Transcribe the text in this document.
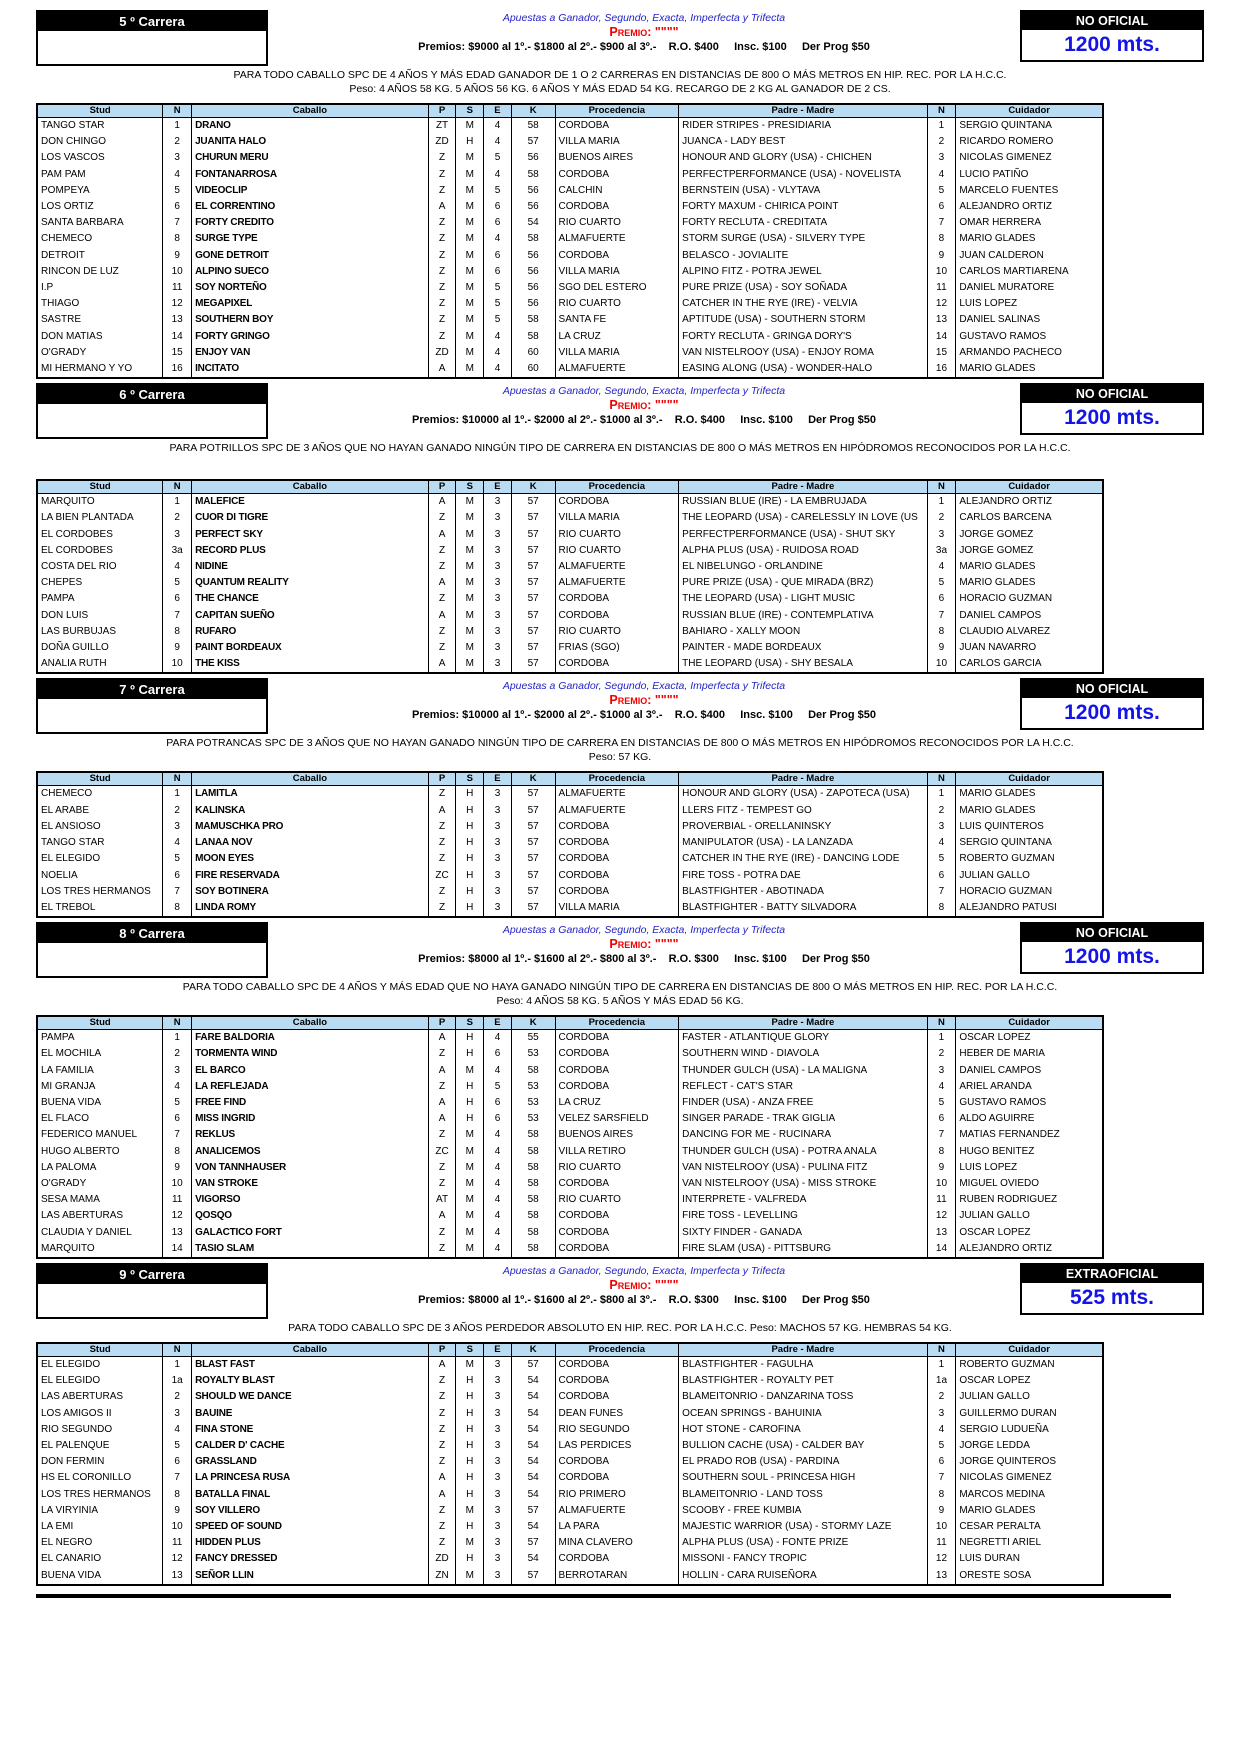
5 º Carrera	Apuestas a Ganador, Segundo, Exacta, Imperfecta y Trifecta
Premio: """"
Premios: $9000 al 1º.- $1800 al 2º.- $900 al 3º.-    R.O. $400     Insc. $100     Der Prog $50
NO OFICIAL
1200 mts.
PARA TODO CABALLO SPC DE 4 AÑOS Y MÁS EDAD GANADOR DE 1 O 2 CARRERAS EN DISTANCIAS DE 800 O MÁS METROS EN HIP. REC. POR LA H.C.C.
Peso: 4 AÑOS 58 KG. 5 AÑOS 56 KG. 6 AÑOS Y MÁS EDAD 54 KG. RECARGO DE 2 KG AL GANADOR DE 2 CS.
Stud	N	Caballo	P	S	E	K	Procedencia	Padre - Madre	N	Cuidador
TANGO STAR	1	DRANO	ZT	M	4	58	CORDOBA	RIDER STRIPES - PRESIDIARIA	1	SERGIO QUINTANA
DON CHINGO	2	JUANITA HALO	ZD	H	4	57	VILLA MARIA	JUANCA - LADY BEST	2	RICARDO ROMERO
LOS VASCOS	3	CHURUN MERU	Z	M	5	56	BUENOS AIRES	HONOUR AND GLORY (USA) - CHICHEN	3	NICOLAS GIMENEZ
PAM PAM	4	FONTANARROSA	Z	M	4	58	CORDOBA	PERFECTPERFORMANCE (USA) - NOVELISTA	4	LUCIO PATIÑO
POMPEYA	5	VIDEOCLIP	Z	M	5	56	CALCHIN	BERNSTEIN (USA) - VLYTAVA	5	MARCELO FUENTES
LOS ORTIZ	6	EL CORRENTINO	A	M	6	56	CORDOBA	FORTY MAXUM - CHIRICA POINT	6	ALEJANDRO ORTIZ
SANTA BARBARA	7	FORTY CREDITO	Z	M	6	54	RIO CUARTO	FORTY RECLUTA - CREDITATA	7	OMAR HERRERA
CHEMECO	8	SURGE TYPE	Z	M	4	58	ALMAFUERTE	STORM SURGE (USA) - SILVERY TYPE	8	MARIO GLADES
DETROIT	9	GONE DETROIT	Z	M	6	56	CORDOBA	BELASCO - JOVIALITE	9	JUAN CALDERON
RINCON DE LUZ	10	ALPINO SUECO	Z	M	6	56	VILLA MARIA	ALPINO FITZ - POTRA JEWEL	10	CARLOS MARTIARENA
I.P	11	SOY NORTEÑO	Z	M	5	56	SGO DEL ESTERO	PURE PRIZE (USA) - SOY SOÑADA	11	DANIEL MURATORE
THIAGO	12	MEGAPIXEL	Z	M	5	56	RIO CUARTO	CATCHER IN THE RYE (IRE) - VELVIA	12	LUIS LOPEZ
SASTRE	13	SOUTHERN BOY	Z	M	5	58	SANTA FE	APTITUDE (USA) - SOUTHERN STORM	13	DANIEL SALINAS
DON MATIAS	14	FORTY GRINGO	Z	M	4	58	LA CRUZ	FORTY RECLUTA - GRINGA DORY'S	14	GUSTAVO RAMOS
O'GRADY	15	ENJOY VAN	ZD	M	4	60	VILLA MARIA	VAN NISTELROOY (USA) - ENJOY ROMA	15	ARMANDO PACHECO
MI HERMANO Y YO	16	INCITATO	A	M	4	60	ALMAFUERTE	EASING ALONG (USA) - WONDER-HALO	16	MARIO GLADES
6 º Carrera	Apuestas a Ganador, Segundo, Exacta, Imperfecta y Trifecta
Premio: """"
Premios: $10000 al 1º.- $2000 al 2º.- $1000 al 3º.-    R.O. $400     Insc. $100     Der Prog $50
NO OFICIAL
1200 mts.
PARA POTRILLOS SPC DE 3 AÑOS QUE NO HAYAN GANADO NINGÚN TIPO DE CARRERA EN DISTANCIAS DE 800 O MÁS METROS EN HIPÓDROMOS RECONOCIDOS POR LA H.C.C.
Stud	N	Caballo	P	S	E	K	Procedencia	Padre - Madre	N	Cuidador
MARQUITO	1	MALEFICE	A	M	3	57	CORDOBA	RUSSIAN BLUE (IRE) - LA EMBRUJADA	1	ALEJANDRO ORTIZ
LA BIEN PLANTADA	2	CUOR DI TIGRE	Z	M	3	57	VILLA MARIA	THE LEOPARD (USA) - CARELESSLY IN LOVE (US	2	CARLOS BARCENA
EL CORDOBES	3	PERFECT SKY	A	M	3	57	RIO CUARTO	PERFECTPERFORMANCE (USA) - SHUT SKY	3	JORGE GOMEZ
EL CORDOBES	3a	RECORD PLUS	Z	M	3	57	RIO CUARTO	ALPHA PLUS (USA) - RUIDOSA ROAD	3a	JORGE GOMEZ
COSTA DEL RIO	4	NIDINE	Z	M	3	57	ALMAFUERTE	EL NIBELUNGO - ORLANDINE	4	MARIO GLADES
CHEPES	5	QUANTUM REALITY	A	M	3	57	ALMAFUERTE	PURE PRIZE (USA) - QUE MIRADA (BRZ)	5	MARIO GLADES
PAMPA	6	THE CHANCE	Z	M	3	57	CORDOBA	THE LEOPARD (USA) - LIGHT MUSIC	6	HORACIO GUZMAN
DON LUIS	7	CAPITAN SUEÑO	A	M	3	57	CORDOBA	RUSSIAN BLUE (IRE) - CONTEMPLATIVA	7	DANIEL CAMPOS
LAS BURBUJAS	8	RUFARO	Z	M	3	57	RIO CUARTO	BAHIARO - XALLY MOON	8	CLAUDIO ALVAREZ
DOÑA GUILLO	9	PAINT BORDEAUX	Z	M	3	57	FRIAS (SGO)	PAINTER - MADE BORDEAUX	9	JUAN NAVARRO
ANALIA RUTH	10	THE KISS	A	M	3	57	CORDOBA	THE LEOPARD (USA) - SHY BESALA	10	CARLOS GARCIA
7 º Carrera	Apuestas a Ganador, Segundo, Exacta, Imperfecta y Trifecta
Premio: """"
Premios: $10000 al 1º.- $2000 al 2º.- $1000 al 3º.-    R.O. $400     Insc. $100     Der Prog $50
NO OFICIAL
1200 mts.
PARA POTRANCAS SPC DE 3 AÑOS QUE NO HAYAN GANADO NINGÚN TIPO DE CARRERA EN DISTANCIAS DE 800 O MÁS METROS EN HIPÓDROMOS RECONOCIDOS POR LA H.C.C.
Peso: 57 KG.
Stud	N	Caballo	P	S	E	K	Procedencia	Padre - Madre	N	Cuidador
CHEMECO	1	LAMITLA	Z	H	3	57	ALMAFUERTE	HONOUR AND GLORY (USA) - ZAPOTECA (USA)	1	MARIO GLADES
EL ARABE	2	KALINSKA	A	H	3	57	ALMAFUERTE	LLERS FITZ - TEMPEST GO	2	MARIO GLADES
EL ANSIOSO	3	MAMUSCHKA PRO	Z	H	3	57	CORDOBA	PROVERBIAL - ORELLANINSKY	3	LUIS QUINTEROS
TANGO STAR	4	LANAA NOV	Z	H	3	57	CORDOBA	MANIPULATOR (USA) - LA LANZADA	4	SERGIO QUINTANA
EL ELEGIDO	5	MOON EYES	Z	H	3	57	CORDOBA	CATCHER IN THE RYE (IRE) - DANCING LODE	5	ROBERTO GUZMAN
NOELIA	6	FIRE RESERVADA	ZC	H	3	57	CORDOBA	FIRE TOSS - POTRA DAE	6	JULIAN GALLO
LOS TRES HERMANOS	7	SOY BOTINERA	Z	H	3	57	CORDOBA	BLASTFIGHTER - ABOTINADA	7	HORACIO GUZMAN
EL TREBOL	8	LINDA ROMY	Z	H	3	57	VILLA MARIA	BLASTFIGHTER - BATTY SILVADORA	8	ALEJANDRO PATUSI
8 º Carrera	Apuestas a Ganador, Segundo, Exacta, Imperfecta y Trifecta
Premio: """"
Premios: $8000 al 1º.- $1600 al 2º.- $800 al 3º.-    R.O. $300     Insc. $100     Der Prog $50
NO OFICIAL
1200 mts.
PARA TODO CABALLO SPC DE 4 AÑOS Y MÁS EDAD QUE NO HAYA GANADO NINGÚN TIPO DE CARRERA EN DISTANCIAS DE 800 O MÁS METROS EN HIP. REC. POR LA H.C.C.
Peso: 4 AÑOS 58 KG. 5 AÑOS Y MÁS EDAD 56 KG.
Stud	N	Caballo	P	S	E	K	Procedencia	Padre - Madre	N	Cuidador
PAMPA	1	FARE BALDORIA	A	H	4	55	CORDOBA	FASTER - ATLANTIQUE GLORY	1	OSCAR LOPEZ
EL MOCHILA	2	TORMENTA WIND	Z	H	6	53	CORDOBA	SOUTHERN WIND - DIAVOLA	2	HEBER DE MARIA
LA FAMILIA	3	EL BARCO	A	M	4	58	CORDOBA	THUNDER GULCH (USA) - LA MALIGNA	3	DANIEL CAMPOS
MI GRANJA	4	LA REFLEJADA	Z	H	5	53	CORDOBA	REFLECT - CAT'S STAR	4	ARIEL ARANDA
BUENA VIDA	5	FREE FIND	A	H	6	53	LA CRUZ	FINDER (USA) - ANZA FREE	5	GUSTAVO RAMOS
EL FLACO	6	MISS INGRID	A	H	6	53	VELEZ SARSFIELD	SINGER PARADE - TRAK GIGLIA	6	ALDO AGUIRRE
FEDERICO MANUEL	7	REKLUS	Z	M	4	58	BUENOS AIRES	DANCING FOR ME - RUCINARA	7	MATIAS FERNANDEZ
HUGO ALBERTO	8	ANALICEMOS	ZC	M	4	58	VILLA RETIRO	THUNDER GULCH (USA) - POTRA ANALA	8	HUGO BENITEZ
LA PALOMA	9	VON TANNHAUSER	Z	M	4	58	RIO CUARTO	VAN NISTELROOY (USA) - PULINA FITZ	9	LUIS LOPEZ
O'GRADY	10	VAN STROKE	Z	M	4	58	CORDOBA	VAN NISTELROOY (USA) - MISS STROKE	10	MIGUEL OVIEDO
SESA MAMA	11	VIGORSO	AT	M	4	58	RIO CUARTO	INTERPRETE - VALFREDA	11	RUBEN RODRIGUEZ
LAS ABERTURAS	12	QOSQO	A	M	4	58	CORDOBA	FIRE TOSS - LEVELLING	12	JULIAN GALLO
CLAUDIA Y DANIEL	13	GALACTICO FORT	Z	M	4	58	CORDOBA	SIXTY FINDER - GANADA	13	OSCAR LOPEZ
MARQUITO	14	TASIO SLAM	Z	M	4	58	CORDOBA	FIRE SLAM (USA) - PITTSBURG	14	ALEJANDRO ORTIZ
9 º Carrera	Apuestas a Ganador, Segundo, Exacta, Imperfecta y Trifecta
Premio: """"
Premios: $8000 al 1º.- $1600 al 2º.- $800 al 3º.-    R.O. $300     Insc. $100     Der Prog $50
EXTRAOFICIAL
525 mts.
PARA TODO CABALLO SPC DE 3 AÑOS PERDEDOR ABSOLUTO EN HIP. REC. POR LA H.C.C. Peso: MACHOS 57 KG. HEMBRAS 54 KG.
Stud	N	Caballo	P	S	E	K	Procedencia	Padre - Madre	N	Cuidador
EL ELEGIDO	1	BLAST FAST	A	M	3	57	CORDOBA	BLASTFIGHTER - FAGULHA	1	ROBERTO GUZMAN
EL ELEGIDO	1a	ROYALTY BLAST	Z	H	3	54	CORDOBA	BLASTFIGHTER - ROYALTY PET	1a	OSCAR LOPEZ
LAS ABERTURAS	2	SHOULD WE DANCE	Z	H	3	54	CORDOBA	BLAMEITONRIO - DANZARINA TOSS	2	JULIAN GALLO
LOS AMIGOS II	3	BAUINE	Z	H	3	54	DEAN FUNES	OCEAN SPRINGS - BAHUINIA	3	GUILLERMO DURAN
RIO SEGUNDO	4	FINA STONE	Z	H	3	54	RIO SEGUNDO	HOT STONE - CAROFINA	4	SERGIO LUDUEÑA
EL PALENQUE	5	CALDER D' CACHE	Z	H	3	54	LAS PERDICES	BULLION CACHE (USA) - CALDER BAY	5	JORGE LEDDA
DON FERMIN	6	GRASSLAND	Z	H	3	54	CORDOBA	EL PRADO ROB (USA) - PARDINA	6	JORGE QUINTEROS
HS EL CORONILLO	7	LA PRINCESA RUSA	A	H	3	54	CORDOBA	SOUTHERN SOUL - PRINCESA HIGH	7	NICOLAS GIMENEZ
LOS TRES HERMANOS	8	BATALLA FINAL	A	H	3	54	RIO PRIMERO	BLAMEITONRIO - LAND TOSS	8	MARCOS MEDINA
LA VIRYINIA	9	SOY VILLERO	Z	M	3	57	ALMAFUERTE	SCOOBY - FREE KUMBIA	9	MARIO GLADES
LA EMI	10	SPEED OF SOUND	Z	H	3	54	LA PARA	MAJESTIC WARRIOR (USA) - STORMY LAZE	10	CESAR PERALTA
EL NEGRO	11	HIDDEN PLUS	Z	M	3	57	MINA CLAVERO	ALPHA PLUS (USA) - FONTE PRIZE	11	NEGRETTI ARIEL
EL CANARIO	12	FANCY DRESSED	ZD	H	3	54	CORDOBA	MISSONI - FANCY TROPIC	12	LUIS DURAN
BUENA VIDA	13	SEÑOR LLIN	ZN	M	3	57	BERROTARAN	HOLLIN - CARA RUISEÑORA	13	ORESTE SOSA
